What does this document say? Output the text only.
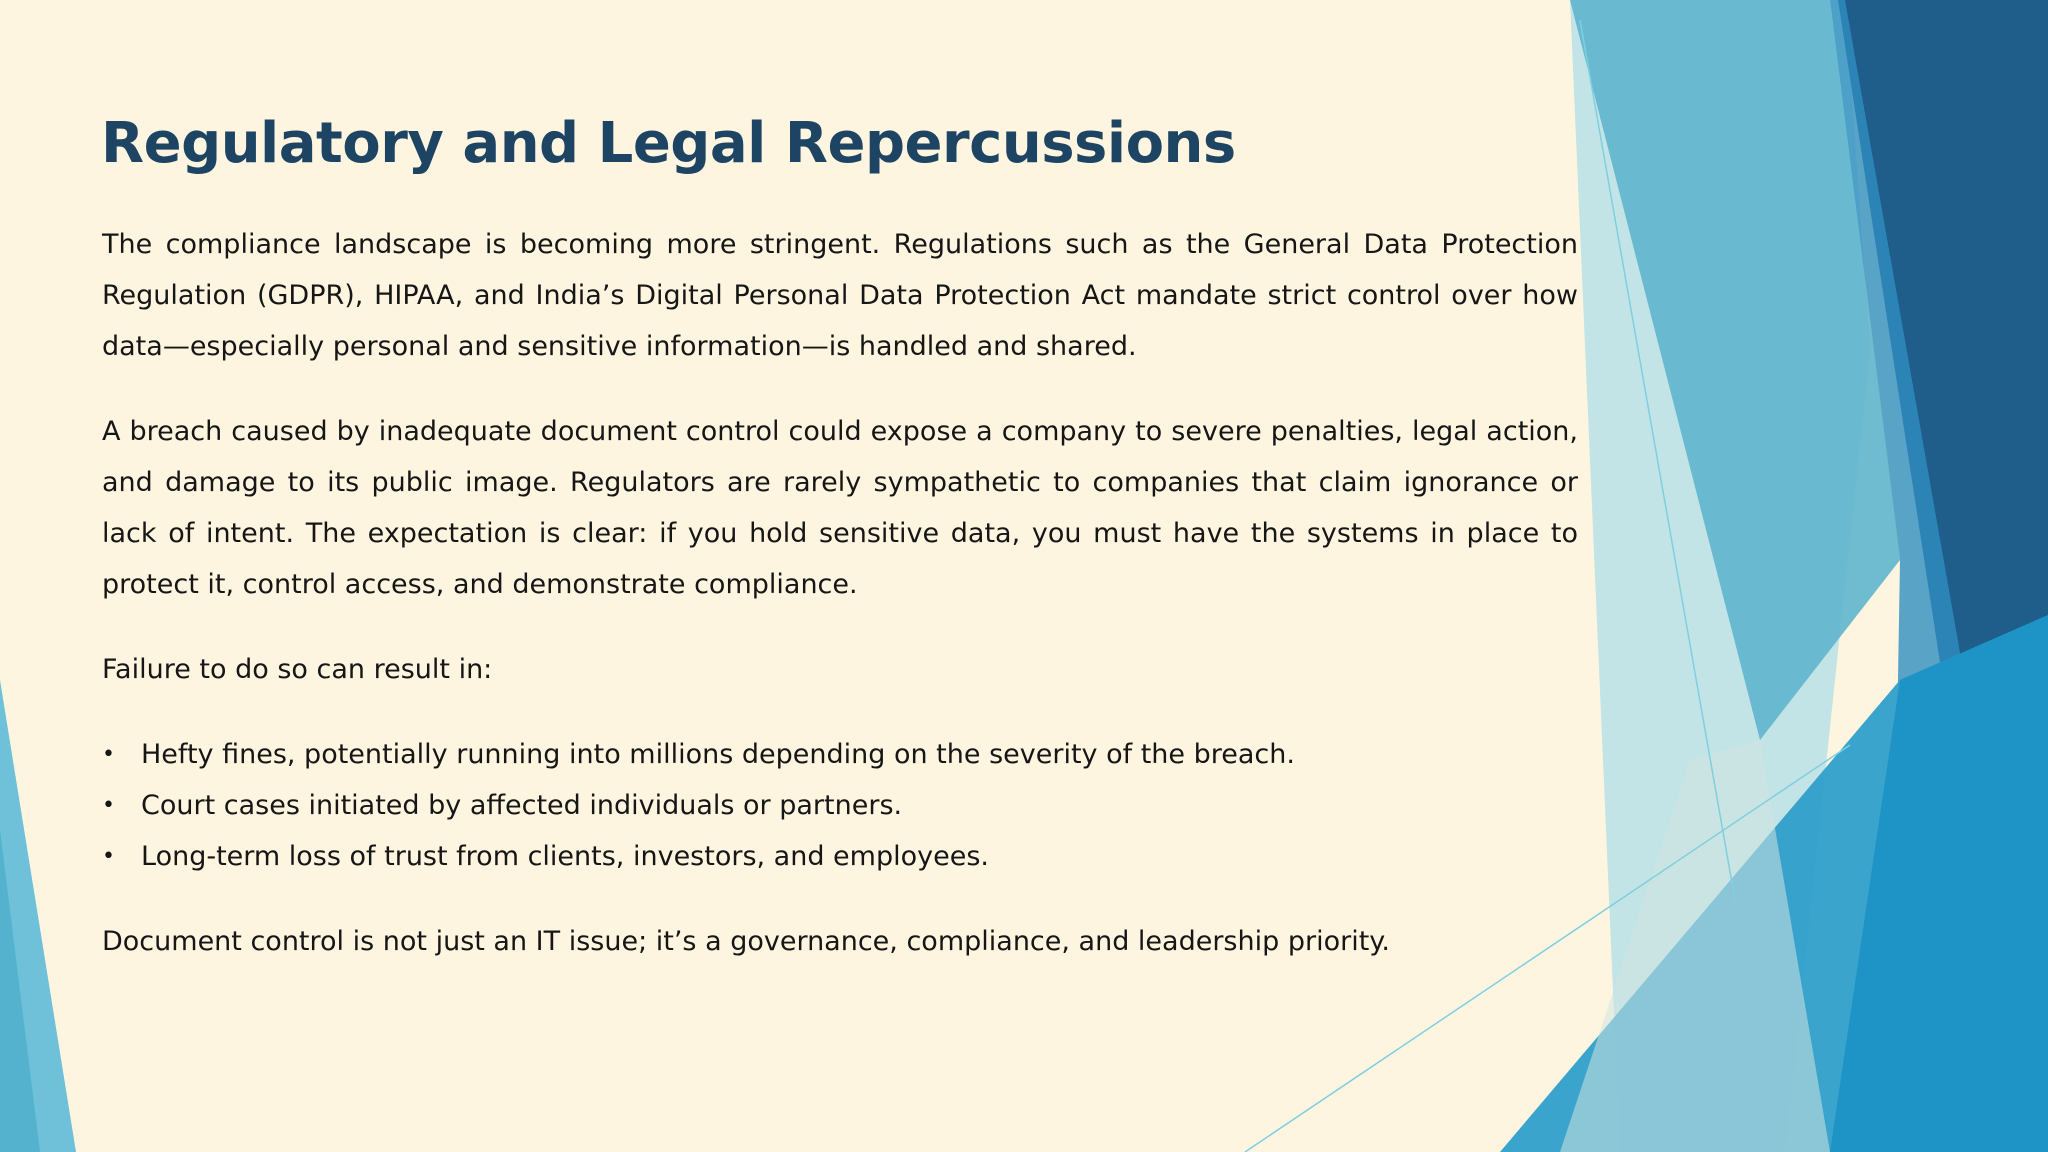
Regulatory and Legal Repercussions

The compliance landscape is becoming more stringent. Regulations such as the General Data Protection Regulation (GDPR), HIPAA, and India’s Digital Personal Data Protection Act mandate strict control over how data—especially personal and sensitive information—is handled and shared.

A breach caused by inadequate document control could expose a company to severe penalties, legal action, and damage to its public image. Regulators are rarely sympathetic to companies that claim ignorance or lack of intent. The expectation is clear: if you hold sensitive data, you must have the systems in place to protect it, control access, and demonstrate compliance.

Failure to do so can result in:

• Hefty fines, potentially running into millions depending on the severity of the breach.
• Court cases initiated by affected individuals or partners.
• Long-term loss of trust from clients, investors, and employees.

Document control is not just an IT issue; it’s a governance, compliance, and leadership priority.
